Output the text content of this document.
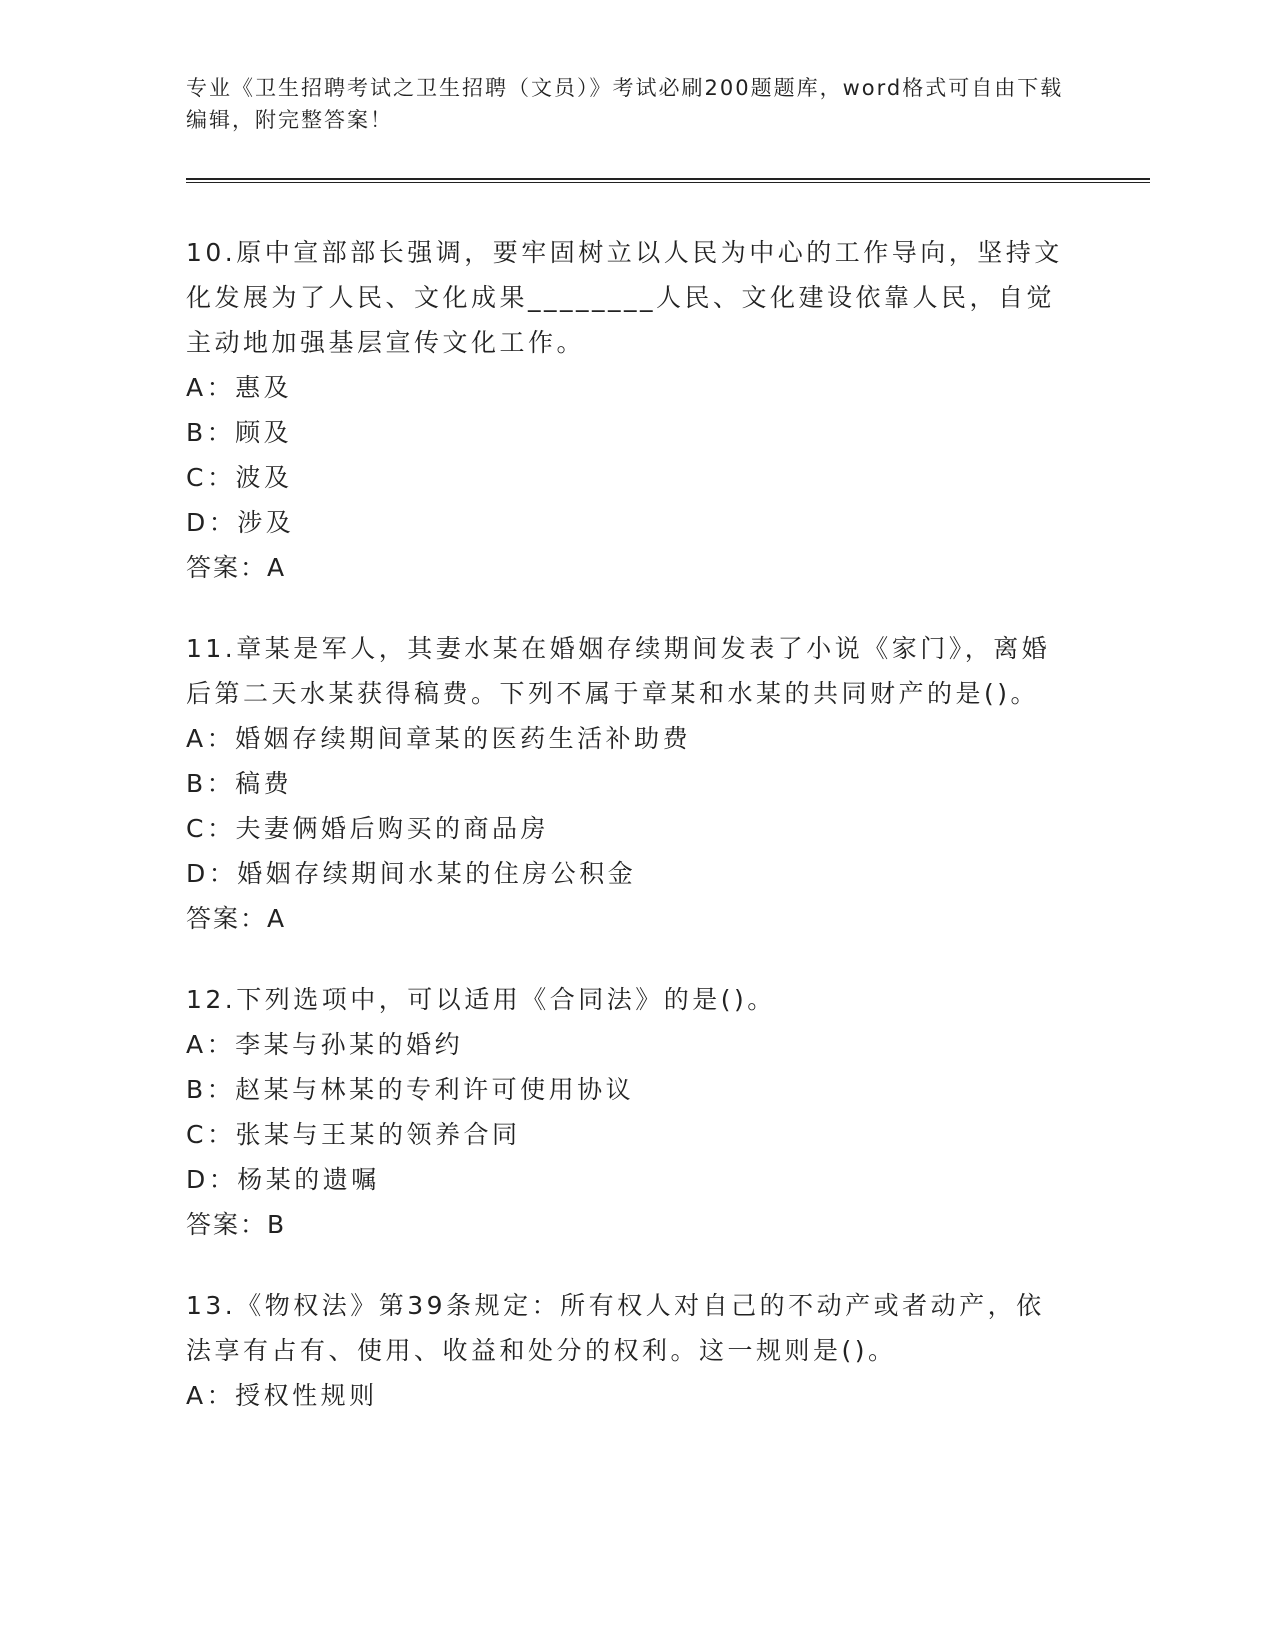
专业《卫生招聘考试之卫生招聘（文员）》考试必刷200题题库，word格式可自由下载编辑，附完整答案！

10.原中宣部部长强调，要牢固树立以人民为中心的工作导向，坚持文化发展为了人民、文化成果________人民、文化建设依靠人民，自觉主动地加强基层宣传文化工作。

A：惠及

B：顾及

C：波及

D：涉及

答案：A

11.章某是军人，其妻水某在婚姻存续期间发表了小说《家门》，离婚后第二天水某获得稿费。下列不属于章某和水某的共同财产的是()。

A：婚姻存续期间章某的医药生活补助费

B：稿费

C：夫妻俩婚后购买的商品房

D：婚姻存续期间水某的住房公积金

答案：A

12.下列选项中，可以适用《合同法》的是()。

A：李某与孙某的婚约

B：赵某与林某的专利许可使用协议

C：张某与王某的领养合同

D：杨某的遗嘱

答案：B

13.《物权法》第39条规定：所有权人对自己的不动产或者动产，依法享有占有、使用、收益和处分的权利。这一规则是()。

A：授权性规则
